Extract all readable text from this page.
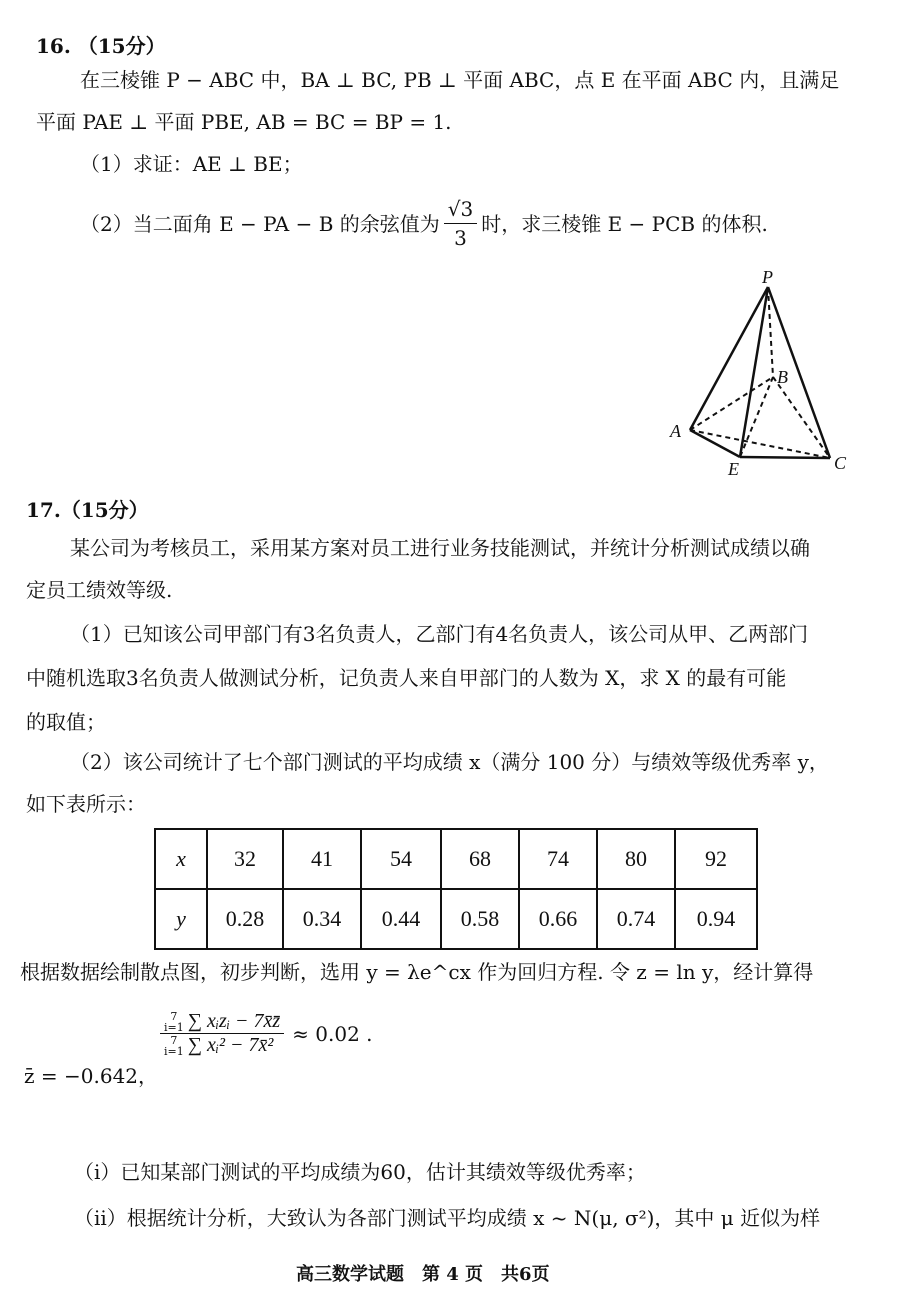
16. （15分）
在三棱锥 P − ABC 中，BA ⊥ BC, PB ⊥ 平面 ABC，点 E 在平面 ABC 内，且满足
平面 PAE ⊥ 平面 PBE, AB = BC = BP = 1.
（1）求证：AE ⊥ BE；
（2）当二面角 E − PA − B 的余弦值为 $\frac{√3}{3}$ 时，求三棱锥 E − PCB 的体积.
P
B
A
E	C
17.（15分）
某公司为考核员工，采用某方案对员工进行业务技能测试，并统计分析测试成绩以确
定员工绩效等级.
（1）已知该公司甲部门有3名负责人，乙部门有4名负责人，该公司从甲、乙两部门
中随机选取3名负责人做测试分析，记负责人来自甲部门的人数为 X，求 X 的最有可能
的取值；
（2）该公司统计了七个部门测试的平均成绩 x（满分 100 分）与绩效等级优秀率 y，
如下表所示：
x	32	41	54	68	74	80	92
y	0.28	0.34	0.44	0.58	0.66	0.74	0.94
根据数据绘制散点图，初步判断，选用 y = λe^cx 作为回归方程. 令 z = ln y，经计算得
z̄ = −0.642，
7
i=1 ∑ xᵢzᵢ − 7x̄z̄
7
i=1 ∑ xᵢ² − 7x̄² ≈ 0.02 .
（i）已知某部门测试的平均成绩为60，估计其绩效等级优秀率；
（ii）根据统计分析，大致认为各部门测试平均成绩 x ~ N(μ, σ²)，其中 μ 近似为样
高三数学试题　第 4 页　共6页
